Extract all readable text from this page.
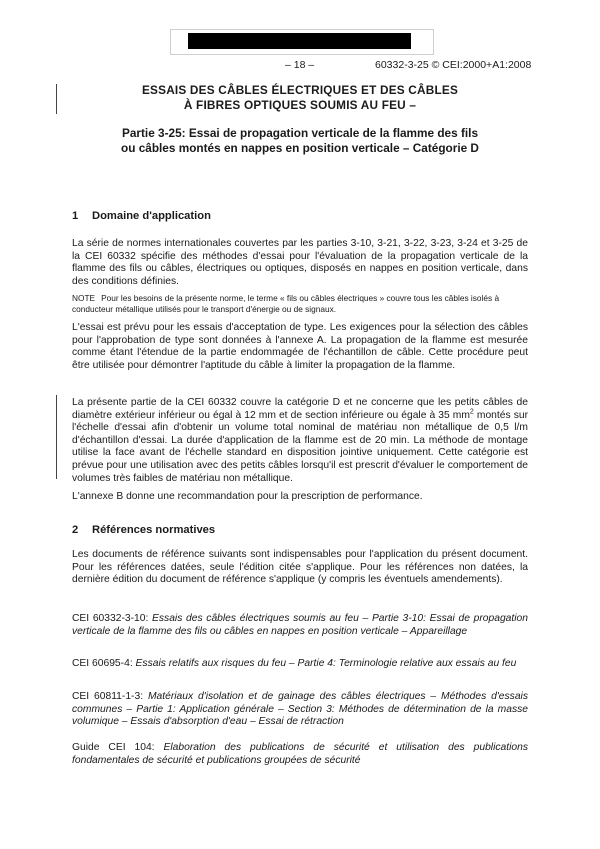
– 18 –	60332-3-25 © CEI:2000+A1:2008
ESSAIS DES CÂBLES ÉLECTRIQUES ET DES CÂBLES
À FIBRES OPTIQUES SOUMIS AU FEU –
Partie 3-25: Essai de propagation verticale de la flamme des fils
ou câbles montés en nappes en position verticale – Catégorie D
1 Domaine d'application
La série de normes internationales couvertes par les parties 3-10, 3-21, 3-22, 3-23, 3-24 et 3-25 de la CEI 60332 spécifie des méthodes d'essai pour l'évaluation de la propagation verticale de la flamme des fils ou câbles, électriques ou optiques, disposés en nappes en position verticale, dans des conditions définies.
NOTE Pour les besoins de la présente norme, le terme « fils ou câbles électriques » couvre tous les câbles isolés à conducteur métallique utilisés pour le transport d'énergie ou de signaux.
L'essai est prévu pour les essais d'acceptation de type. Les exigences pour la sélection des câbles pour l'approbation de type sont données à l'annexe A. La propagation de la flamme est mesurée comme étant l'étendue de la partie endommagée de l'échantillon de câble. Cette procédure peut être utilisée pour démontrer l'aptitude du câble à limiter la propagation de la flamme.
La présente partie de la CEI 60332 couvre la catégorie D et ne concerne que les petits câbles de diamètre extérieur inférieur ou égal à 12 mm et de section inférieure ou égale à 35 $mm^2$ montés sur l'échelle d'essai afin d'obtenir un volume total nominal de matériau non métallique de 0,5 l/m d'échantillon d'essai. La durée d'application de la flamme est de 20 min. La méthode de montage utilise la face avant de l'échelle standard en disposition jointive uniquement. Cette catégorie est prévue pour une utilisation avec des petits câbles lorsqu'il est prescrit d'évaluer le comportement de volumes très faibles de matériau non métallique.
L'annexe B donne une recommandation pour la prescription de performance.
2 Références normatives
Les documents de référence suivants sont indispensables pour l'application du présent document. Pour les références datées, seule l'édition citée s'applique. Pour les références non datées, la dernière édition du document de référence s'applique (y compris les éventuels amendements).
CEI 60332-3-10: Essais des câbles électriques soumis au feu – Partie 3-10: Essai de propagation verticale de la flamme des fils ou câbles en nappes en position verticale – Appareillage
CEI 60695-4: Essais relatifs aux risques du feu – Partie 4: Terminologie relative aux essais au feu
CEI 60811-1-3: Matériaux d'isolation et de gainage des câbles électriques – Méthodes d'essais communes – Partie 1: Application générale – Section 3: Méthodes de détermination de la masse volumique – Essais d'absorption d'eau – Essai de rétraction
Guide CEI 104: Elaboration des publications de sécurité et utilisation des publications fondamentales de sécurité et publications groupées de sécurité
